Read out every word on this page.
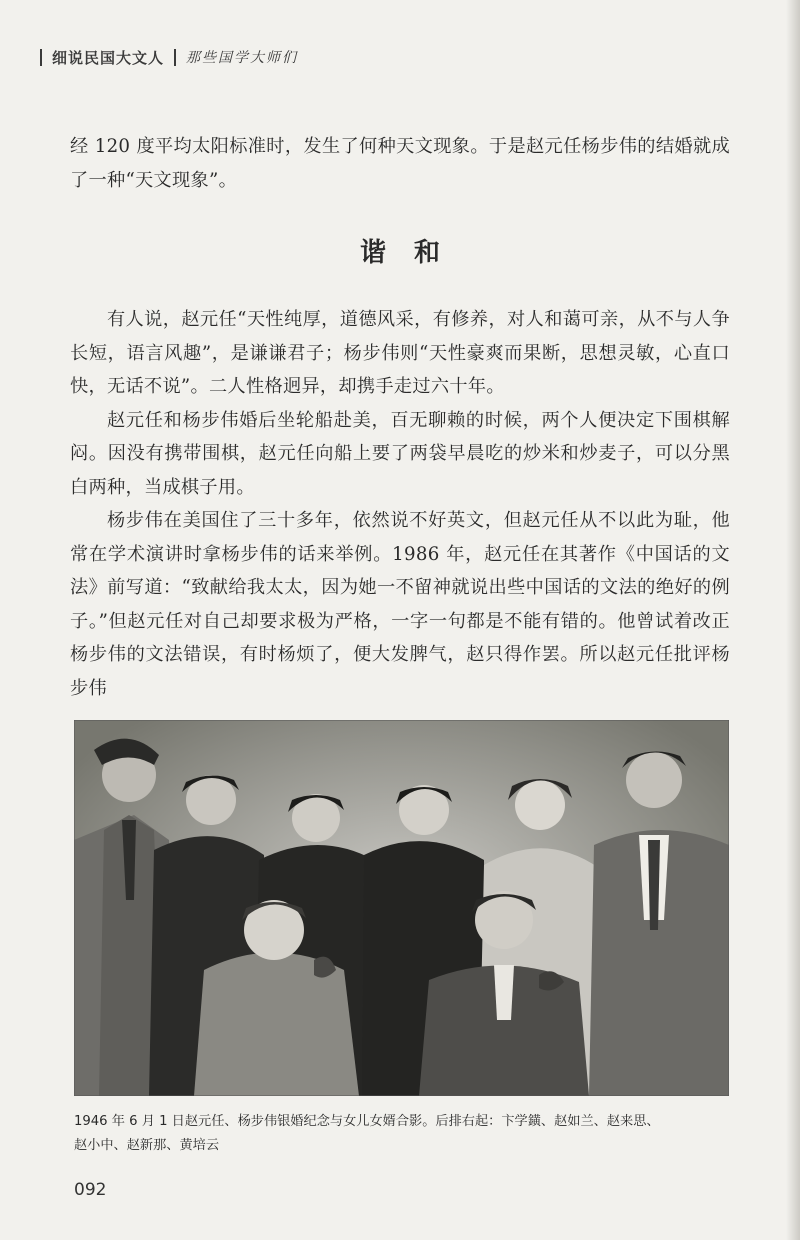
细说民国大文人 那些国学大师们

经 120 度平均太阳标准时，发生了何种天文现象。于是赵元任杨步伟的结婚就成了一种“天文现象”。

谐和

有人说，赵元任“天性纯厚，道德风采，有修养，对人和蔼可亲，从不与人争长短，语言风趣”，是谦谦君子；杨步伟则“天性豪爽而果断，思想灵敏，心直口快，无话不说”。二人性格迥异，却携手走过六十年。

赵元任和杨步伟婚后坐轮船赴美，百无聊赖的时候，两个人便决定下围棋解闷。因没有携带围棋，赵元任向船上要了两袋早晨吃的炒米和炒麦子，可以分黑白两种，当成棋子用。

杨步伟在美国住了三十多年，依然说不好英文，但赵元任从不以此为耻，他常在学术演讲时拿杨步伟的话来举例。1986 年，赵元任在其著作《中国话的文法》前写道：“致献给我太太，因为她一不留神就说出些中国话的文法的绝好的例子。”但赵元任对自己却要求极为严格，一字一句都是不能有错的。他曾试着改正杨步伟的文法错误，有时杨烦了，便大发脾气，赵只得作罢。所以赵元任批评杨步伟

1946 年 6 月 1 日赵元任、杨步伟银婚纪念与女儿女婿合影。后排右起：卞学鐄、赵如兰、赵来思、
赵小中、赵新那、黄培云
092
